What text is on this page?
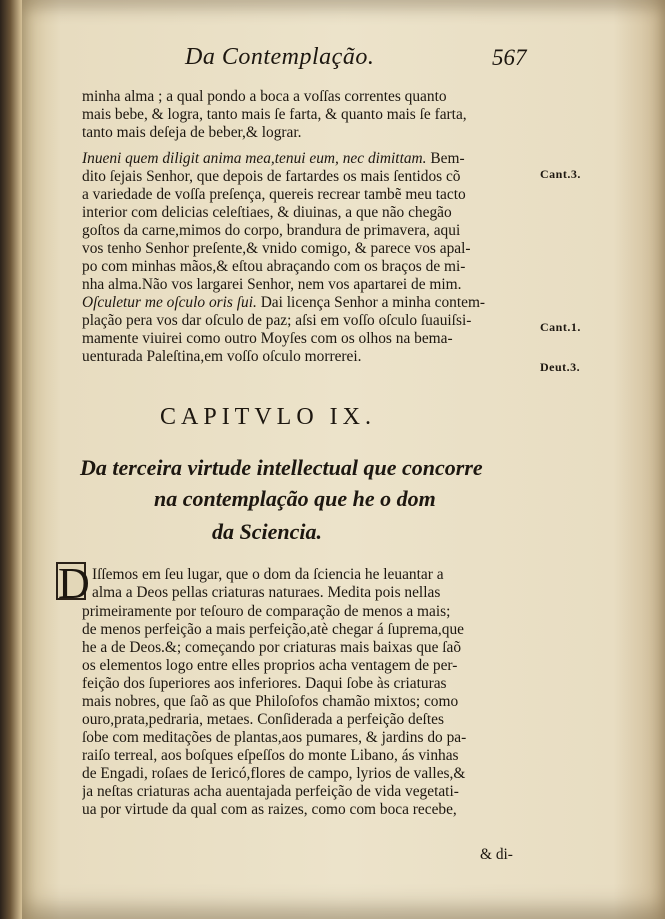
Da Contemplação.	567
minha alma ; a qual pondo a boca a voſſas correntes quanto
mais bebe, & logra, tanto mais ſe farta, & quanto mais ſe farta,
tanto mais deſeja de beber,& lograr.
Inueni quem diligit anima mea,tenui eum, nec dimittam. Bem-
dito ſejais Senhor, que depois de fartardes os mais ſentidos cõ
a variedade de voſſa preſença, quereis recrear tambẽ meu tacto
interior com delicias celeſtiaes, & diuinas, a que não chegão
goſtos da carne,mimos do corpo, brandura de primavera, aqui
vos tenho Senhor preſente,& vnido comigo, & parece vos apal-
po com minhas mãos,& eſtou abraçando com os braços de mi-
nha alma.Não vos largarei Senhor, nem vos apartarei de mim.
Oſculetur me oſculo oris ſui. Dai licença Senhor a minha contem-
plação pera vos dar oſculo de paz; aſsi em voſſo oſculo ſuauiſsi-
mamente viuirei como outro Moyſes com os olhos na bema-
uenturada Paleſtina,em voſſo oſculo morrerei.
Cant.3.
Cant.1.
Deut.3.
CAPITVLO IX.
Da terceira virtude intellectual que concorre
na contemplação que he o dom
da Sciencia.
D Iſſemos em ſeu lugar, que o dom da ſciencia he leuantar a
alma a Deos pellas criaturas naturaes. Medita pois nellas
primeiramente por teſouro de comparação de menos a mais;
de menos perfeição a mais perfeição,atè chegar á ſuprema,que
he a de Deos.&; começando por criaturas mais baixas que ſaõ
os elementos logo entre elles proprios acha ventagem de per-
feição dos ſuperiores aos inferiores. Daqui ſobe às criaturas
mais nobres, que ſaõ as que Philoſofos chamão mixtos; como
ouro,prata,pedraria, metaes. Conſiderada a perfeição deſtes
ſobe com meditações de plantas,aos pumares, & jardins do pa-
raiſo terreal, aos boſques eſpeſſos do monte Libano, ás vinhas
de Engadi, roſaes de Iericó,flores de campo, lyrios de valles,&
ja neſtas criaturas acha auentajada perfeição de vida vegetati-
ua por virtude da qual com as raizes, como com boca recebe,
& di-
